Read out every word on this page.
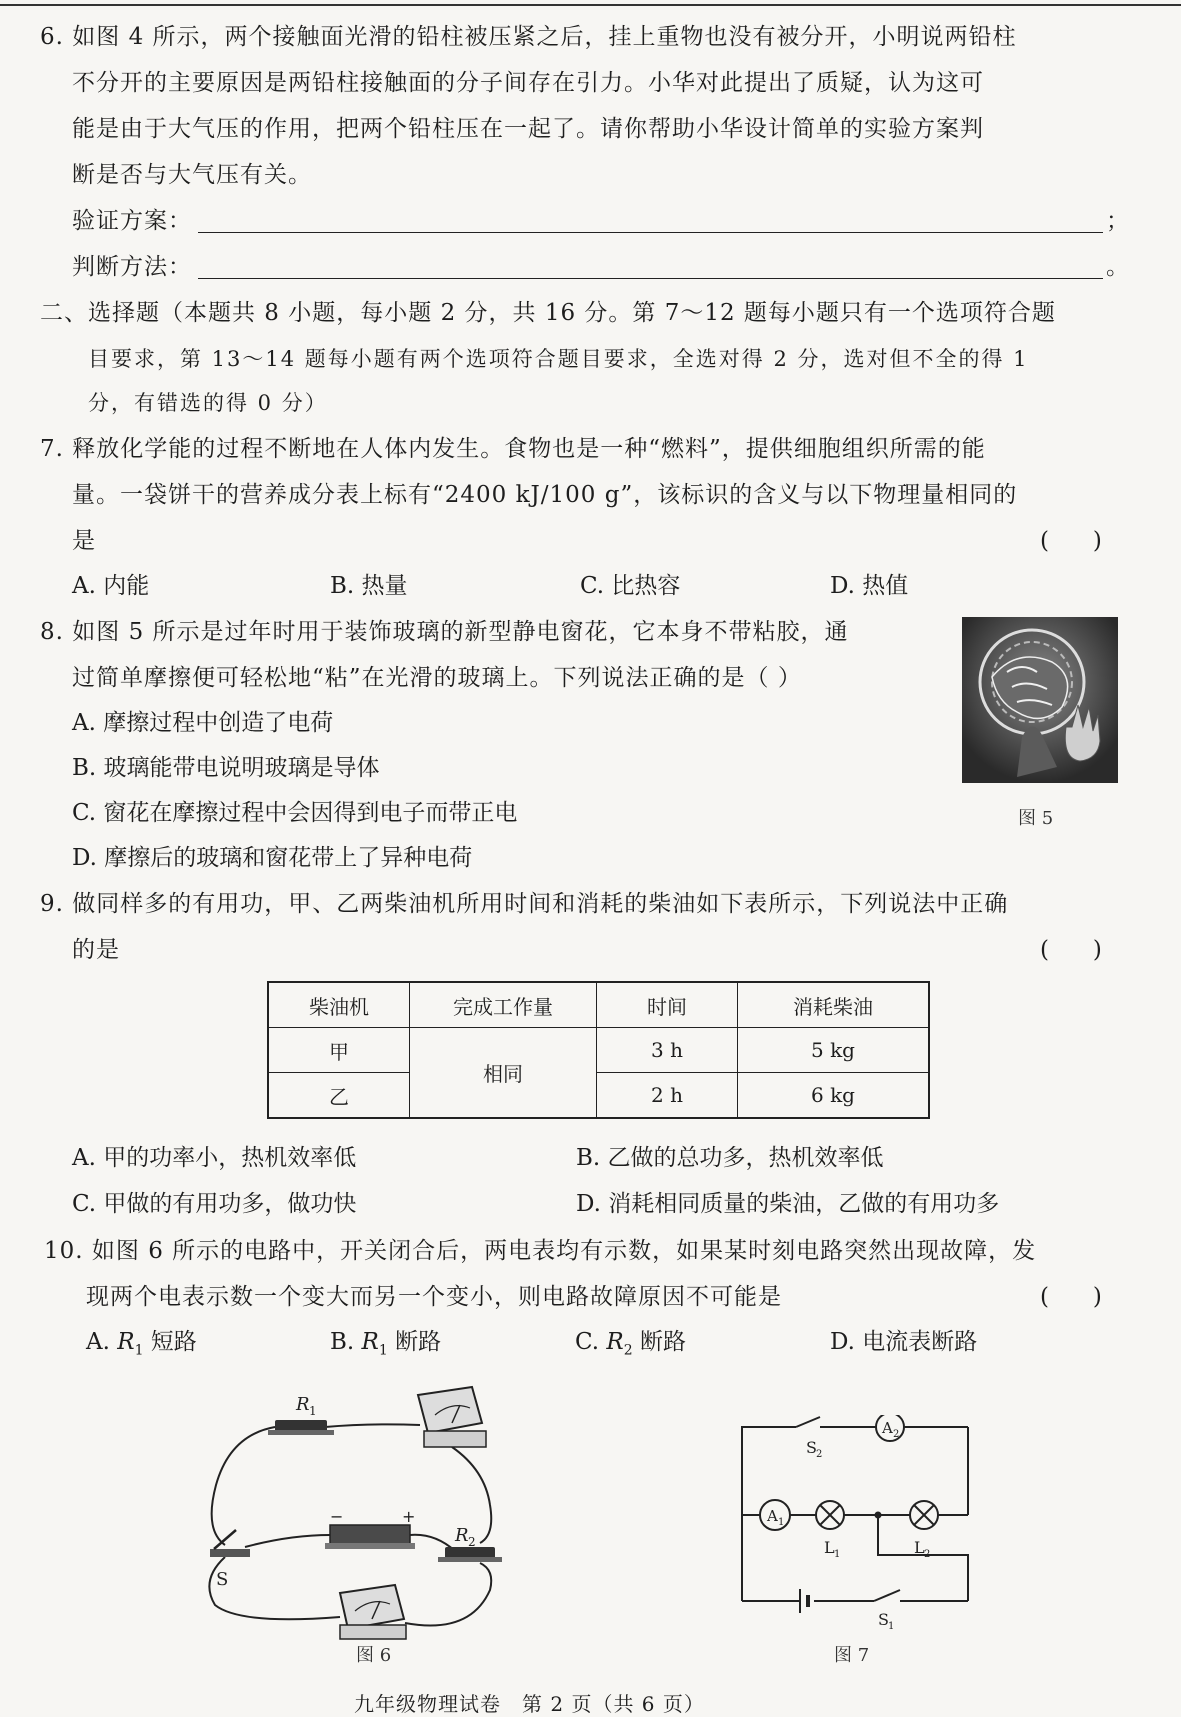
6. 如图 4 所示，两个接触面光滑的铅柱被压紧之后，挂上重物也没有被分开，小明说两铅柱
不分开的主要原因是两铅柱接触面的分子间存在引力。小华对此提出了质疑，认为这可
能是由于大气压的作用，把两个铅柱压在一起了。请你帮助小华设计简单的实验方案判
断是否与大气压有关。
验证方案：	；
判断方法：	。
二、选择题（本题共 8 小题，每小题 2 分，共 16 分。第 7～12 题每小题只有一个选项符合题
目要求，第 13～14 题每小题有两个选项符合题目要求，全选对得 2 分，选对但不全的得 1
分，有错选的得 0 分）
7. 释放化学能的过程不断地在人体内发生。食物也是一种“燃料”，提供细胞组织所需的能
量。一袋饼干的营养成分表上标有“2400 kJ/100 g”，该标识的含义与以下物理量相同的
是	(      )
A. 内能	B. 热量	C. 比热容	D. 热值
8. 如图 5 所示是过年时用于装饰玻璃的新型静电窗花，它本身不带粘胶，通
过简单摩擦便可轻松地“粘”在光滑的玻璃上。下列说法正确的是（ ）
A. 摩擦过程中创造了电荷
B. 玻璃能带电说明玻璃是导体
C. 窗花在摩擦过程中会因得到电子而带正电
D. 摩擦后的玻璃和窗花带上了异种电荷
图 5
9. 做同样多的有用功，甲、乙两柴油机所用时间和消耗的柴油如下表所示，下列说法中正确
的是	(      )
柴油机	完成工作量	时间	消耗柴油
甲	相同	3 h	5 kg
乙		2 h	6 kg
A. 甲的功率小，热机效率低	B. 乙做的总功多，热机效率低
C. 甲做的有用功多，做功快	D. 消耗相同质量的柴油，乙做的有用功多
10. 如图 6 所示的电路中，开关闭合后，两电表均有示数，如果某时刻电路突然出现故障，发
现两个电表示数一个变大而另一个变小，则电路故障原因不可能是	(      )
A. $R_1$ 短路	B. $R_1$ 断路	C. $R_2$ 断路	D. 电流表断路
R 1
−	+
R 2
S
图 6
A 2
A 1
L 1	L 2
S 2
S 1
图 7
九年级物理试卷　第 2 页（共 6 页）
